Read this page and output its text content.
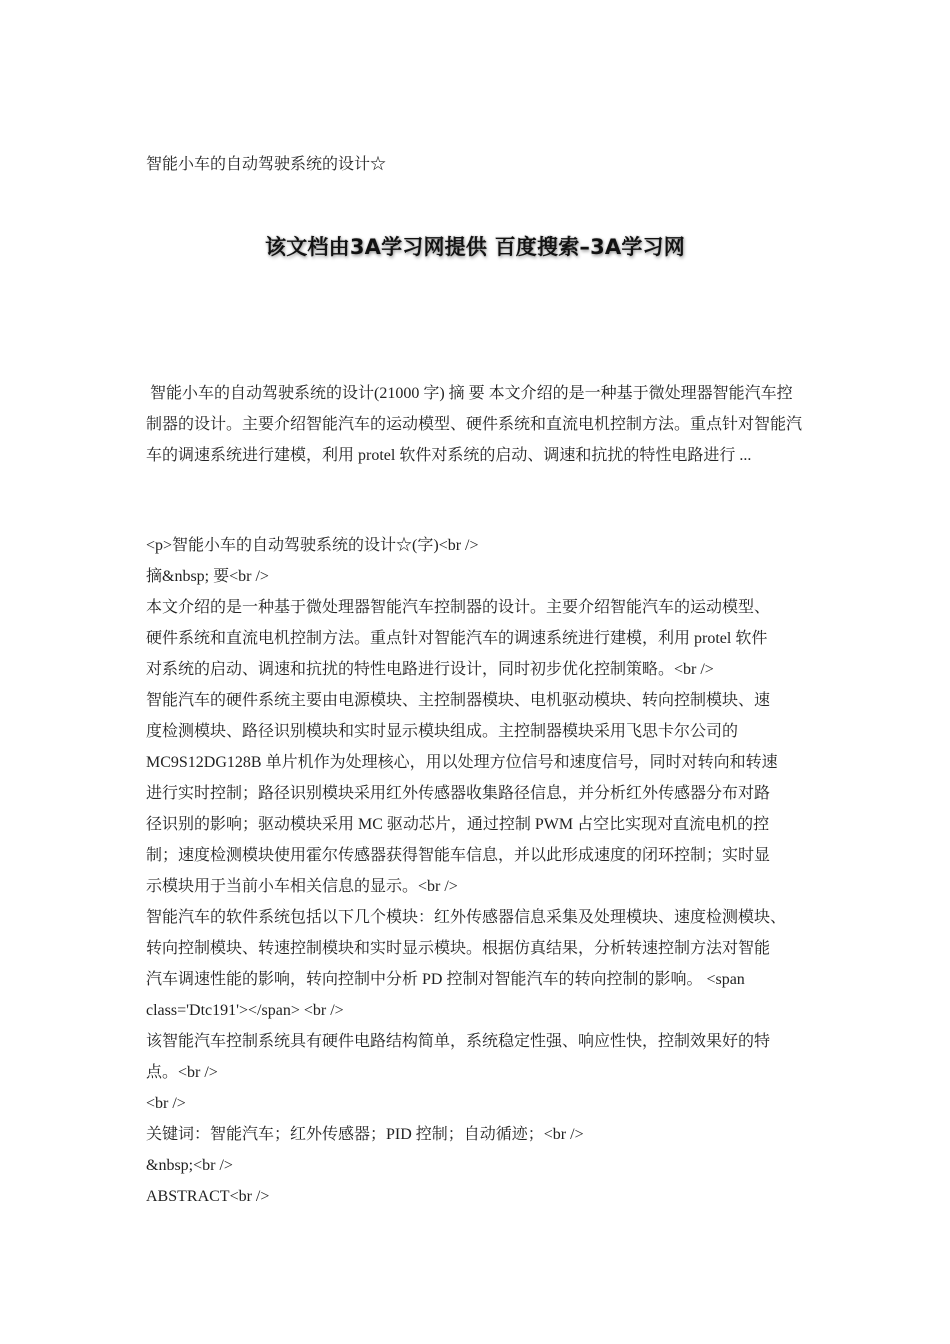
智能小车的自动驾驶系统的设计☆
该文档由3A学习网提供 百度搜索–3A学习网
智能小车的自动驾驶系统的设计(21000 字) 摘 要 本文介绍的是一种基于微处理器智能汽车控制器的设计。主要介绍智能汽车的运动模型、硬件系统和直流电机控制方法。重点针对智能汽车的调速系统进行建模，利用 protel 软件对系统的启动、调速和抗扰的特性电路进行 ...
<p>智能小车的自动驾驶系统的设计☆(字)<br />
摘&nbsp; 要<br />
本文介绍的是一种基于微处理器智能汽车控制器的设计。主要介绍智能汽车的运动模型、
硬件系统和直流电机控制方法。重点针对智能汽车的调速系统进行建模，利用 protel 软件
对系统的启动、调速和抗扰的特性电路进行设计，同时初步优化控制策略。<br />
智能汽车的硬件系统主要由电源模块、主控制器模块、电机驱动模块、转向控制模块、速
度检测模块、路径识别模块和实时显示模块组成。主控制器模块采用飞思卡尔公司的
MC9S12DG128B 单片机作为处理核心，用以处理方位信号和速度信号，同时对转向和转速
进行实时控制；路径识别模块采用红外传感器收集路径信息，并分析红外传感器分布对路
径识别的影响；驱动模块采用 MC 驱动芯片，通过控制 PWM 占空比实现对直流电机的控
制；速度检测模块使用霍尔传感器获得智能车信息，并以此形成速度的闭环控制；实时显
示模块用于当前小车相关信息的显示。<br />
智能汽车的软件系统包括以下几个模块：红外传感器信息采集及处理模块、速度检测模块、
转向控制模块、转速控制模块和实时显示模块。根据仿真结果，分析转速控制方法对智能
汽车调速性能的影响，转向控制中分析 PD 控制对智能汽车的转向控制的影响。 <span
class='Dtc191'></span> <br />
该智能汽车控制系统具有硬件电路结构简单，系统稳定性强、响应性快，控制效果好的特
点。<br />
<br />
关键词：智能汽车；红外传感器；PID 控制；自动循迹；<br />
&nbsp;<br />
ABSTRACT<br />
